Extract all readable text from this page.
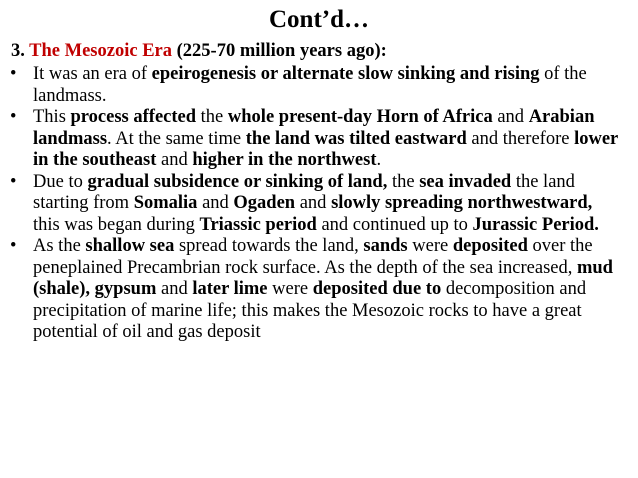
Cont’d…

3. The Mesozoic Era (225-70 million years ago):

• It was an era of epeirogenesis or alternate slow sinking and rising of the landmass.
• This process affected the whole present-day Horn of Africa and Arabian landmass. At the same time the land was tilted eastward and therefore lower in the southeast and higher in the northwest.
• Due to gradual subsidence or sinking of land, the sea invaded the land starting from Somalia and Ogaden and slowly spreading northwestward, this was began during Triassic period and continued up to Jurassic Period.
• As the shallow sea spread towards the land, sands were deposited over the peneplained Precambrian rock surface. As the depth of the sea increased, mud (shale), gypsum and later lime were deposited due to decomposition and precipitation of marine life; this makes the Mesozoic rocks to have a great potential of oil and gas deposit
